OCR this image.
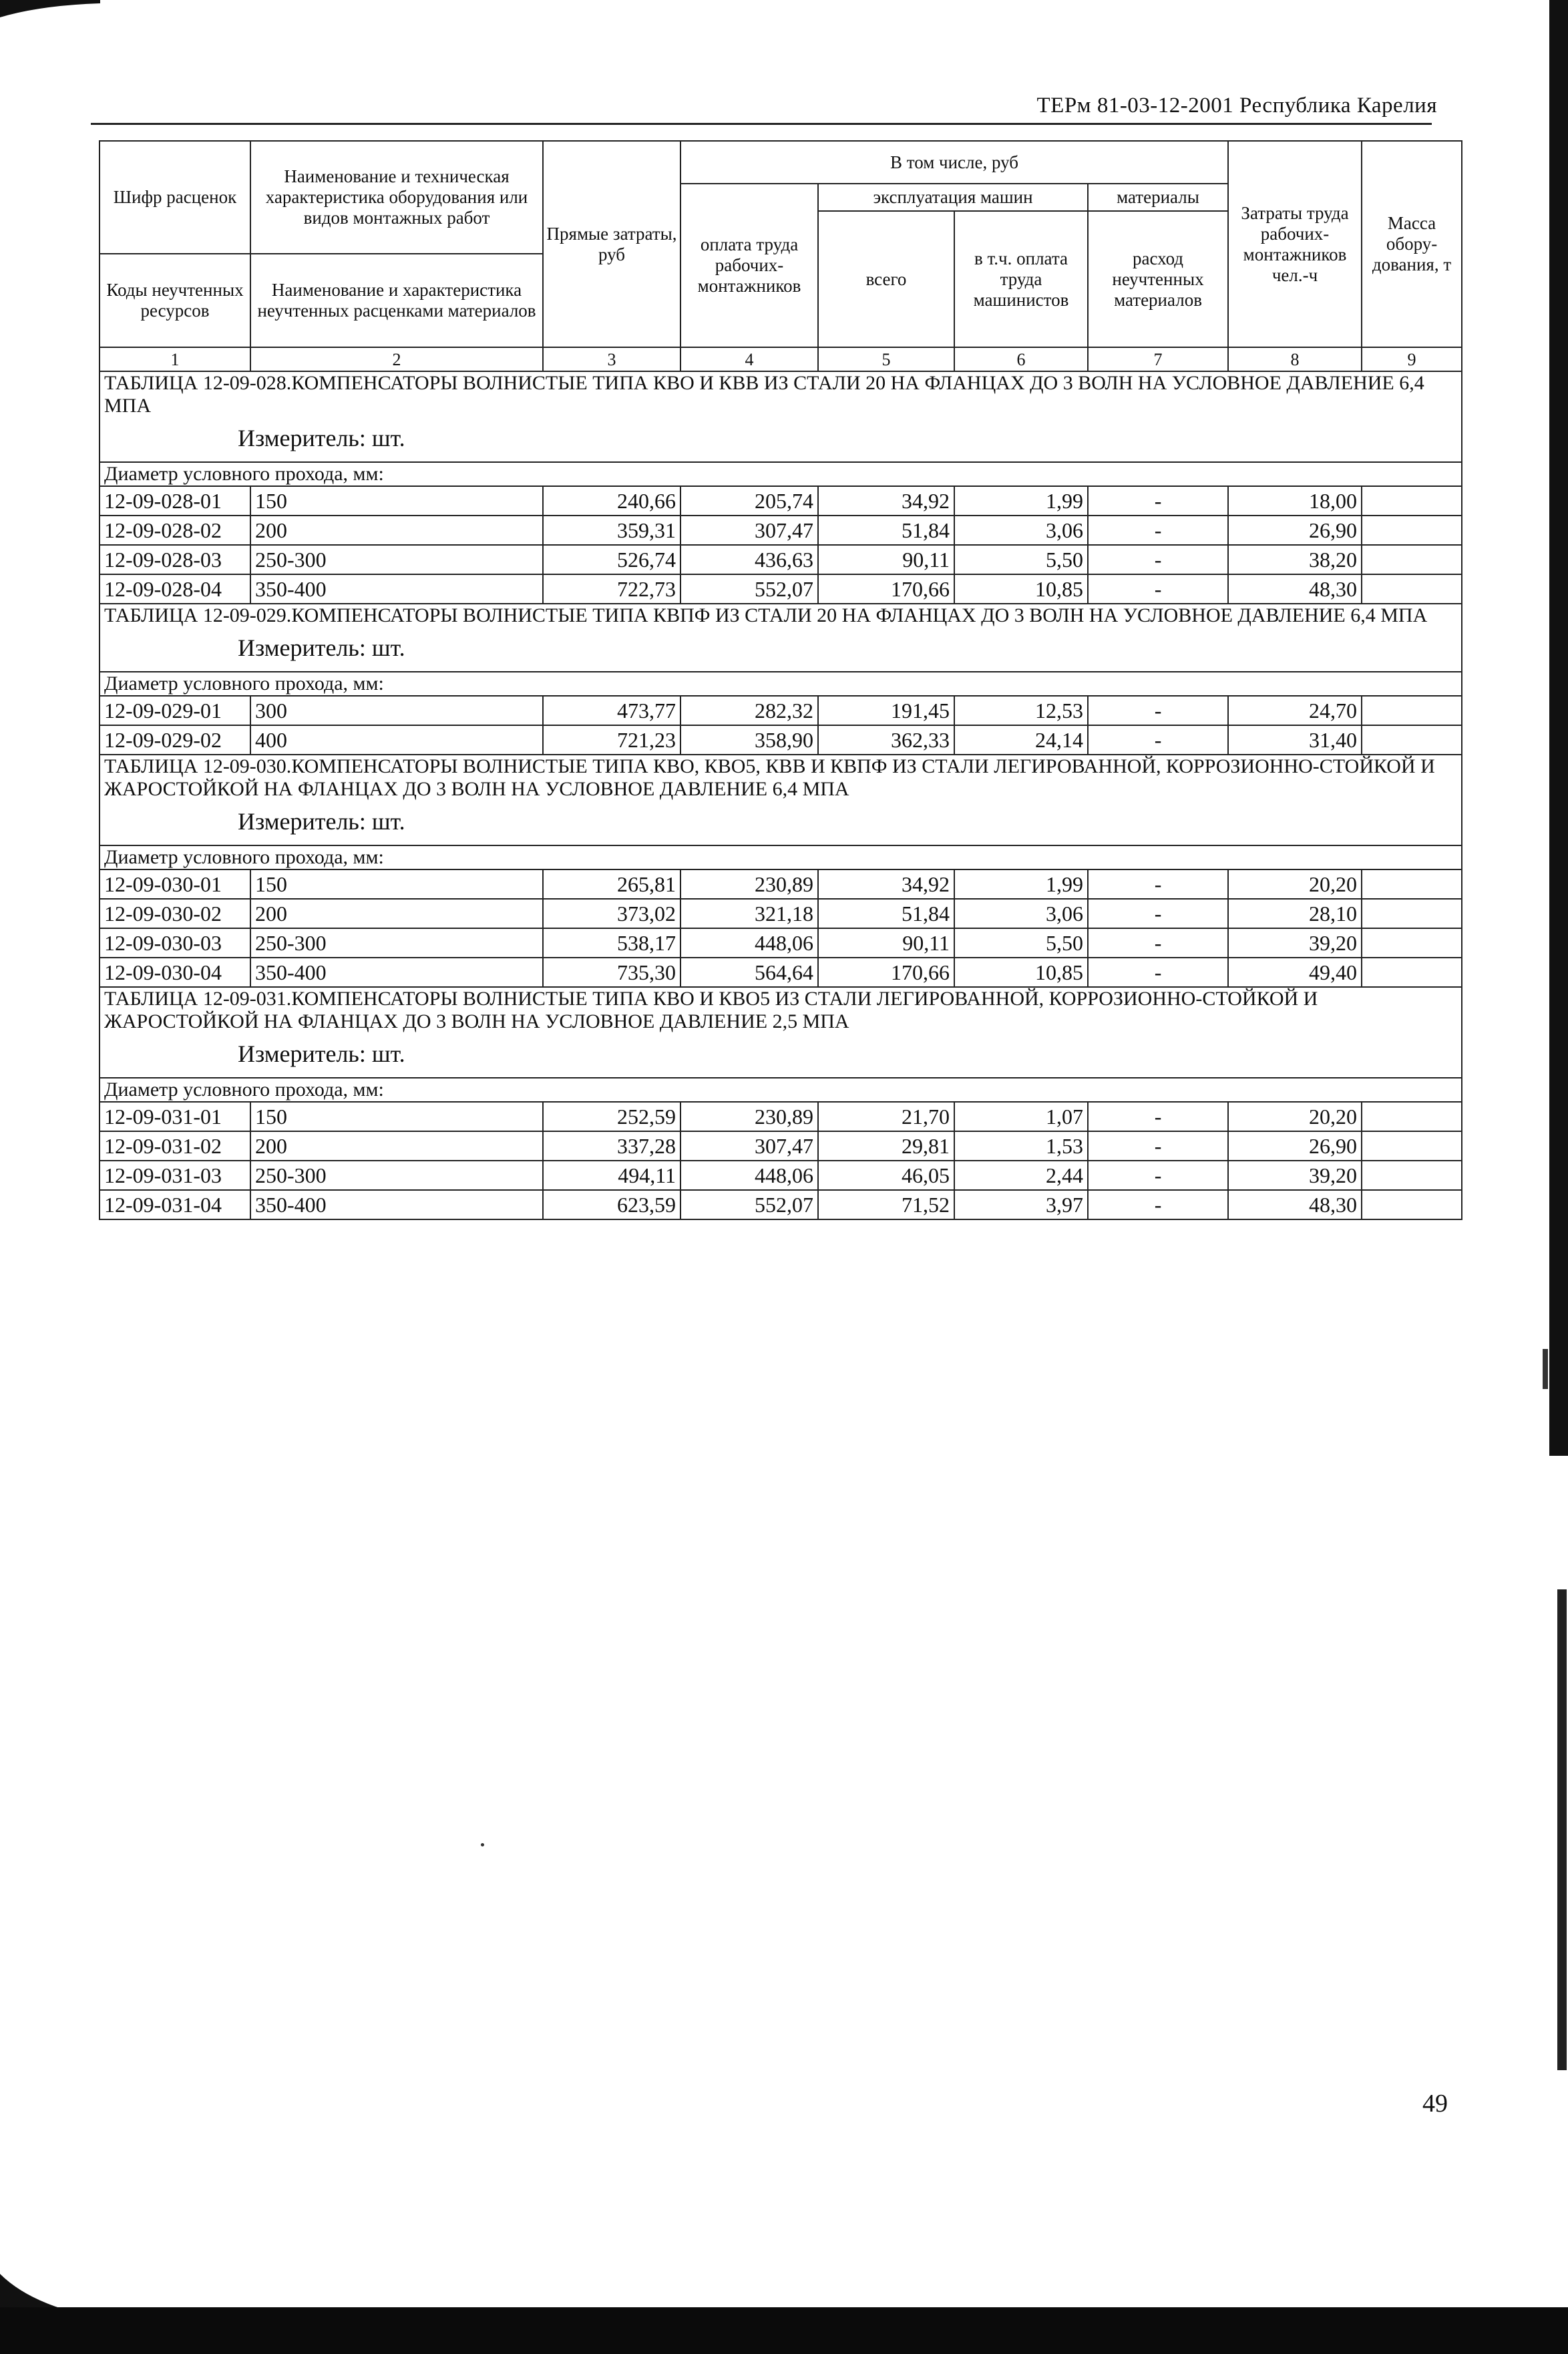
ТЕРм 81-03-12-2001 Республика Карелия
Шифр расценок	Наименование и техническая характеристика оборудования или видов монтажных работ	Прямые затраты, руб	В том числе, руб				Затраты труда рабочих-монтажников чел.-ч	Масса обору-дования, т
			оплата труда рабочих-монтажников	эксплуатация машин		материалы		
				всего	в т.ч. оплата труда машинистов	расход неучтенных материалов		
Коды неучтенных ресурсов	Наименование и характеристика неучтенных расценками материалов							

1	2	3	4	5	6	7	8	9

ТАБЛИЦА 12-09-028.КОМПЕНСАТОРЫ ВОЛНИСТЫЕ ТИПА КВО И КВВ ИЗ СТАЛИ 20 НА ФЛАНЦАХ ДО 3 ВОЛН НА УСЛОВНОЕ ДАВЛЕНИЕ 6,4 МПА
Измеритель: шт.								

Диаметр условного прохода, мм:								
12-09-028-01	150	240,66	205,74	34,92	1,99	-	18,00	
12-09-028-02	200	359,31	307,47	51,84	3,06	-	26,90	
12-09-028-03	250-300	526,74	436,63	90,11	5,50	-	38,20	
12-09-028-04	350-400	722,73	552,07	170,66	10,85	-	48,30	

ТАБЛИЦА 12-09-029.КОМПЕНСАТОРЫ ВОЛНИСТЫЕ ТИПА КВПФ ИЗ СТАЛИ 20 НА ФЛАНЦАХ ДО 3 ВОЛН НА УСЛОВНОЕ ДАВЛЕНИЕ 6,4 МПА
Измеритель: шт.								

Диаметр условного прохода, мм:								
12-09-029-01	300	473,77	282,32	191,45	12,53	-	24,70	
12-09-029-02	400	721,23	358,90	362,33	24,14	-	31,40	

ТАБЛИЦА 12-09-030.КОМПЕНСАТОРЫ ВОЛНИСТЫЕ ТИПА КВО, КВО5, КВВ И КВПФ ИЗ СТАЛИ ЛЕГИРОВАННОЙ, КОРРОЗИОННО-СТОЙКОЙ И ЖАРОСТОЙКОЙ НА ФЛАНЦАХ ДО 3 ВОЛН НА УСЛОВНОЕ ДАВЛЕНИЕ 6,4 МПА
Измеритель: шт.								

Диаметр условного прохода, мм:								
12-09-030-01	150	265,81	230,89	34,92	1,99	-	20,20	
12-09-030-02	200	373,02	321,18	51,84	3,06	-	28,10	
12-09-030-03	250-300	538,17	448,06	90,11	5,50	-	39,20	
12-09-030-04	350-400	735,30	564,64	170,66	10,85	-	49,40	

ТАБЛИЦА 12-09-031.КОМПЕНСАТОРЫ ВОЛНИСТЫЕ ТИПА КВО И КВО5 ИЗ СТАЛИ ЛЕГИРОВАННОЙ, КОРРОЗИОННО-СТОЙКОЙ И ЖАРОСТОЙКОЙ НА ФЛАНЦАХ ДО 3 ВОЛН НА УСЛОВНОЕ ДАВЛЕНИЕ 2,5 МПА
Измеритель: шт.								

Диаметр условного прохода, мм:								
12-09-031-01	150	252,59	230,89	21,70	1,07	-	20,20	
12-09-031-02	200	337,28	307,47	29,81	1,53	-	26,90	
12-09-031-03	250-300	494,11	448,06	46,05	2,44	-	39,20	
12-09-031-04	350-400	623,59	552,07	71,52	3,97	-	48,30	
49
